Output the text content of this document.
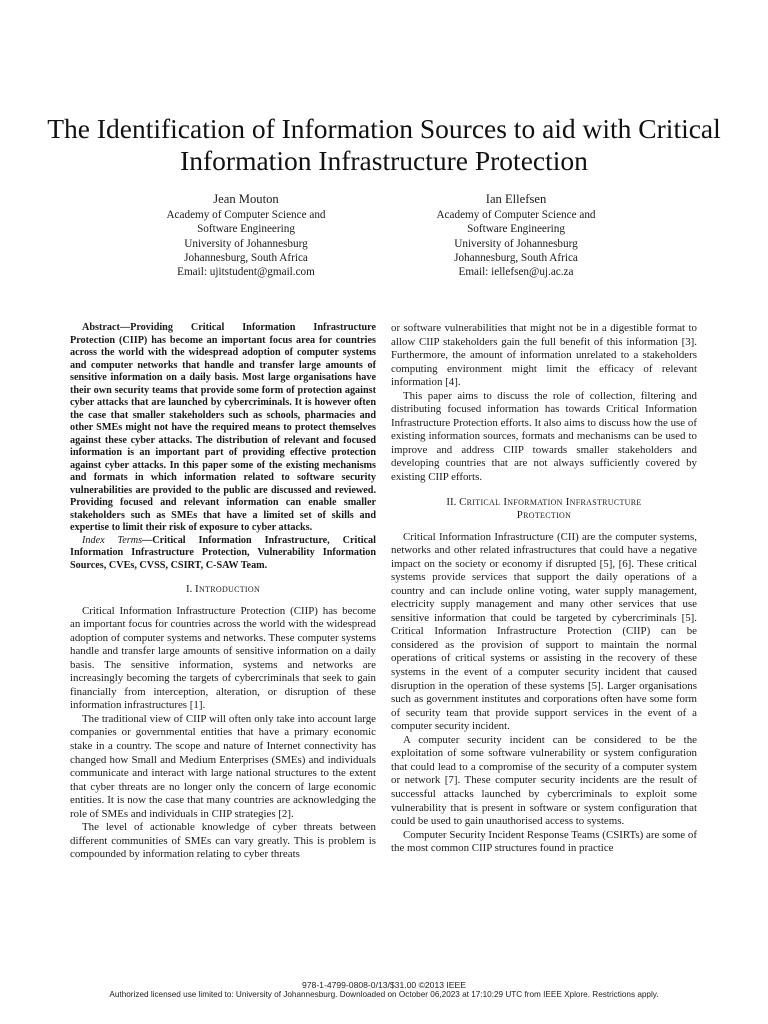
The Identification of Information Sources to aid with Critical Information Infrastructure Protection
Jean Mouton
Academy of Computer Science and
Software Engineering
University of Johannesburg
Johannesburg, South Africa
Email: ujitstudent@gmail.com
Ian Ellefsen
Academy of Computer Science and
Software Engineering
University of Johannesburg
Johannesburg, South Africa
Email: iellefsen@uj.ac.za

Abstract—Providing Critical Information Infrastructure Protection (CIIP) has become an important focus area for countries across the world with the widespread adoption of computer systems and computer networks that handle and transfer large amounts of sensitive information on a daily basis. Most large organisations have their own security teams that provide some form of protection against cyber attacks that are launched by cybercriminals. It is however often the case that smaller stakeholders such as schools, pharmacies and other SMEs might not have the required means to protect themselves against these cyber attacks. The distribution of relevant and focused information is an important part of providing effective protection against cyber attacks. In this paper some of the existing mechanisms and formats in which information related to software security vulnerabilities are provided to the public are discussed and reviewed. Providing focused and relevant information can enable smaller stakeholders such as SMEs that have a limited set of skills and expertise to limit their risk of exposure to cyber attacks.

Index Terms—Critical Information Infrastructure, Critical Information Infrastructure Protection, Vulnerability Information Sources, CVEs, CVSS, CSIRT, C-SAW Team.

I. Introduction

Critical Information Infrastructure Protection (CIIP) has become an important focus for countries across the world with the widespread adoption of computer systems and networks. These computer systems handle and transfer large amounts of sensitive information on a daily basis. The sensitive information, systems and networks are increasingly becoming the targets of cybercriminals that seek to gain financially from interception, alteration, or disruption of these information infrastructures [1].

The traditional view of CIIP will often only take into account large companies or governmental entities that have a primary economic stake in a country. The scope and nature of Internet connectivity has changed how Small and Medium Enterprises (SMEs) and individuals communicate and interact with large national structures to the extent that cyber threats are no longer only the concern of large economic entities. It is now the case that many countries are acknowledging the role of SMEs and individuals in CIIP strategies [2].

The level of actionable knowledge of cyber threats between different communities of SMEs can vary greatly. This is problem is compounded by information relating to cyber threats

or software vulnerabilities that might not be in a digestible format to allow CIIP stakeholders gain the full benefit of this information [3]. Furthermore, the amount of information unrelated to a stakeholders computing environment might limit the efficacy of relevant information [4].

This paper aims to discuss the role of collection, filtering and distributing focused information has towards Critical Information Infrastructure Protection efforts. It also aims to discuss how the use of existing information sources, formats and mechanisms can be used to improve and address CIIP towards smaller stakeholders and developing countries that are not always sufficiently covered by existing CIIP efforts.

II. Critical Information Infrastructure
Protection

Critical Information Infrastructure (CII) are the computer systems, networks and other related infrastructures that could have a negative impact on the society or economy if disrupted [5], [6]. These critical systems provide services that support the daily operations of a country and can include online voting, water supply management, electricity supply management and many other services that use sensitive information that could be targeted by cybercriminals [5]. Critical Information Infrastructure Protection (CIIP) can be considered as the provision of support to maintain the normal operations of critical systems or assisting in the recovery of these systems in the event of a computer security incident that caused disruption in the operation of these systems [5]. Larger organisations such as government institutes and corporations often have some form of security team that provide support services in the event of a computer security incident.

A computer security incident can be considered to be the exploitation of some software vulnerability or system configuration that could lead to a compromise of the security of a computer system or network [7]. These computer security incidents are the result of successful attacks launched by cybercriminals to exploit some vulnerability that is present in software or system configuration that could be used to gain unauthorised access to systems.

Computer Security Incident Response Teams (CSIRTs) are some of the most common CIIP structures found in practice

978-1-4799-0808-0/13/$31.00 ©2013 IEEE
Authorized licensed use limited to: University of Johannesburg. Downloaded on October 06,2023 at 17:10:29 UTC from IEEE Xplore. Restrictions apply.
